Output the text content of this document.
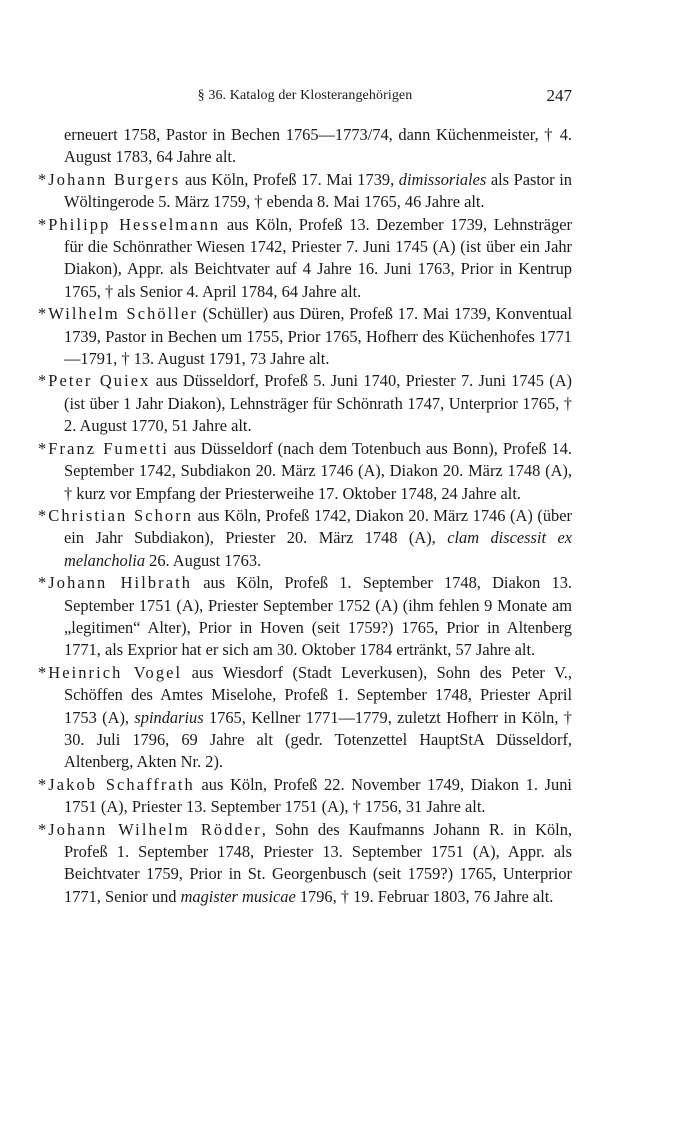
§ 36. Katalog der Klosterangehörigen	247

erneuert 1758, Pastor in Bechen 1765—1773/74, dann Küchenmeister, † 4. August 1783, 64 Jahre alt.

*Johann Burgers aus Köln, Profeß 17. Mai 1739, dimissoriales als Pastor in Wöltingerode 5. März 1759, † ebenda 8. Mai 1765, 46 Jahre alt.

*Philipp Hesselmann aus Köln, Profeß 13. Dezember 1739, Lehnsträger für die Schönrather Wiesen 1742, Priester 7. Juni 1745 (A) (ist über ein Jahr Diakon), Appr. als Beichtvater auf 4 Jahre 16. Juni 1763, Prior in Kentrup 1765, † als Senior 4. April 1784, 64 Jahre alt.

*Wilhelm Schöller (Schüller) aus Düren, Profeß 17. Mai 1739, Konventual 1739, Pastor in Bechen um 1755, Prior 1765, Hofherr des Küchenhofes 1771—1791, † 13. August 1791, 73 Jahre alt.

*Peter Quiex aus Düsseldorf, Profeß 5. Juni 1740, Priester 7. Juni 1745 (A) (ist über 1 Jahr Diakon), Lehnsträger für Schönrath 1747, Unterprior 1765, † 2. August 1770, 51 Jahre alt.

*Franz Fumetti aus Düsseldorf (nach dem Totenbuch aus Bonn), Profeß 14. September 1742, Subdiakon 20. März 1746 (A), Diakon 20. März 1748 (A), † kurz vor Empfang der Priesterweihe 17. Oktober 1748, 24 Jahre alt.

*Christian Schorn aus Köln, Profeß 1742, Diakon 20. März 1746 (A) (über ein Jahr Subdiakon), Priester 20. März 1748 (A), clam discessit ex melancholia 26. August 1763.

*Johann Hilbrath aus Köln, Profeß 1. September 1748, Diakon 13. September 1751 (A), Priester September 1752 (A) (ihm fehlen 9 Monate am „legitimen“ Alter), Prior in Hoven (seit 1759?) 1765, Prior in Altenberg 1771, als Exprior hat er sich am 30. Oktober 1784 ertränkt, 57 Jahre alt.

*Heinrich Vogel aus Wiesdorf (Stadt Leverkusen), Sohn des Peter V., Schöffen des Amtes Miselohe, Profeß 1. September 1748, Priester April 1753 (A), spindarius 1765, Kellner 1771—1779, zuletzt Hofherr in Köln, † 30. Juli 1796, 69 Jahre alt (gedr. Totenzettel HauptStA Düsseldorf, Altenberg, Akten Nr. 2).

*Jakob Schaffrath aus Köln, Profeß 22. November 1749, Diakon 1. Juni 1751 (A), Priester 13. September 1751 (A), † 1756, 31 Jahre alt.

*Johann Wilhelm Rödder, Sohn des Kaufmanns Johann R. in Köln, Profeß 1. September 1748, Priester 13. September 1751 (A), Appr. als Beichtvater 1759, Prior in St. Georgenbusch (seit 1759?) 1765, Unterprior 1771, Senior und magister musicae 1796, † 19. Februar 1803, 76 Jahre alt.
